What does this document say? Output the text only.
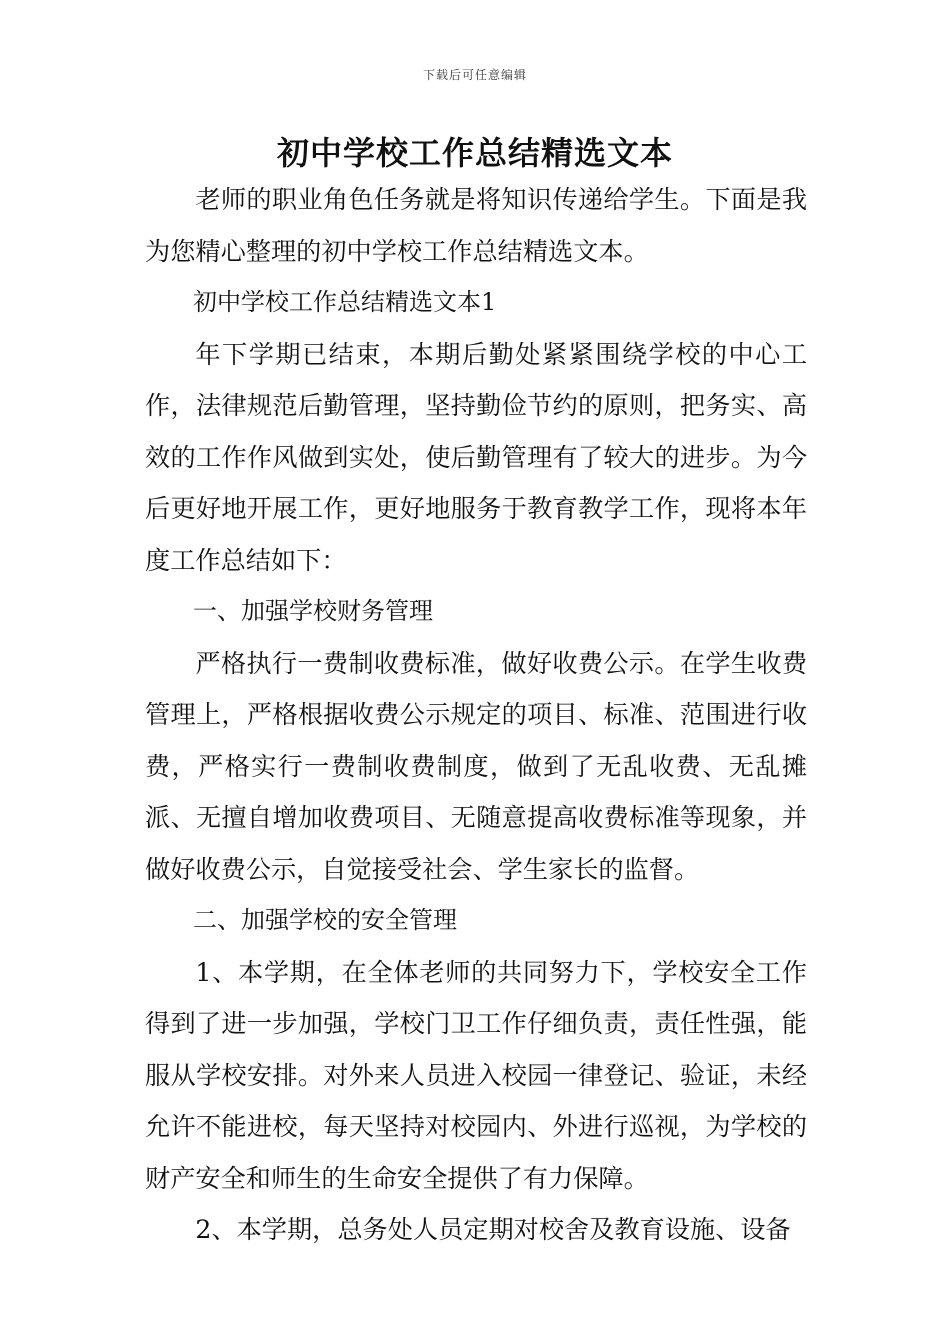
下载后可任意编辑
初中学校工作总结精选文本

老师的职业角色任务就是将知识传递给学生。下面是我为您精心整理的初中学校工作总结精选文本。

初中学校工作总结精选文本1

年下学期已结束，本期后勤处紧紧围绕学校的中心工作，法律规范后勤管理，坚持勤俭节约的原则，把务实、高效的工作作风做到实处，使后勤管理有了较大的进步。为今后更好地开展工作，更好地服务于教育教学工作，现将本年度工作总结如下：

一、加强学校财务管理

严格执行一费制收费标准，做好收费公示。在学生收费管理上，严格根据收费公示规定的项目、标准、范围进行收费，严格实行一费制收费制度，做到了无乱收费、无乱摊派、无擅自增加收费项目、无随意提高收费标准等现象，并做好收费公示，自觉接受社会、学生家长的监督。

二、加强学校的安全管理

1、本学期，在全体老师的共同努力下，学校安全工作得到了进一步加强，学校门卫工作仔细负责，责任性强，能服从学校安排。对外来人员进入校园一律登记、验证，未经允许不能进校，每天坚持对校园内、外进行巡视，为学校的财产安全和师生的生命安全提供了有力保障。

2、本学期，总务处人员定期对校舍及教育设施、设备
